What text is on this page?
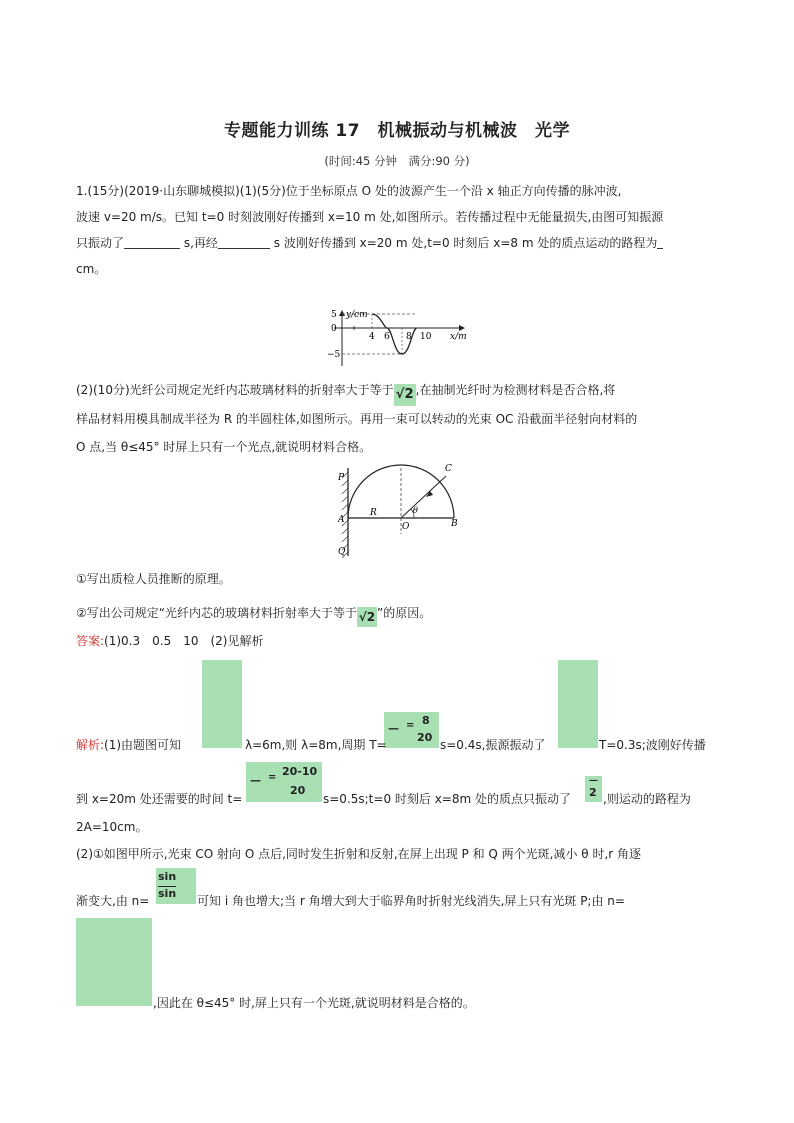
专题能力训练 17　机械振动与机械波　光学
(时间:45 分钟　满分:90 分)
1.(15分)(2019·山东聊城模拟)(1)(5分)位于坐标原点 O 处的波源产生一个沿 x 轴正方向传播的脉冲波,
波速 v=20 m/s。已知 t=0 时刻波刚好传播到 x=10 m 处,如图所示。若传播过程中无能量损失,由图可知振源
只振动了	s,再经	s 波刚好传播到 x=20 m 处,t=0 时刻后 x=8 m 处的质点运动的路程为
cm。
y/cm
5
0
−5
4 6 8 10 x/m
(2)(10分)光纤公司规定光纤内芯玻璃材料的折射率大于等于 √2 ,在抽制光纤时为检测材料是否合格,将
样品材料用模具制成半径为 R 的半圆柱体,如图所示。再用一束可以转动的光束 OC 沿截面半径射向材料的
O 点,当 θ≤45° 时屏上只有一个光点,就说明材料合格。
P
A
Q
R
O	B
C
θ
①写出质检人员推断的原理。
②写出公司规定“光纤内芯的玻璃材料折射率大于等于 √2 ”的原因。
答案:(1)0.3　0.5　10　(2)见解析
— = 8
20
解析:(1)由题图可知	λ=6m,则 λ=8m,周期 T=	s=0.4s,振源振动了	T=0.3s;波刚好传播
— = 20-10
20
—
2
到 x=20m 处还需要的时间 t=	s=0.5s;t=0 时刻后 x=8m 处的质点只振动了	,则运动的路程为
2A=10cm。
(2)①如图甲所示,光束 CO 射向 O 点后,同时发生折射和反射,在屏上出现 P 和 Q 两个光斑,减小 θ 时,r 角逐
$\frac{\sin}{\sin}$
渐变大,由 n=	可知 i 角也增大;当 r 角增大到大于临界角时折射光线消失,屏上只有光斑 P;由 n=
,因此在 θ≤45° 时,屏上只有一个光斑,就说明材料是合格的。
